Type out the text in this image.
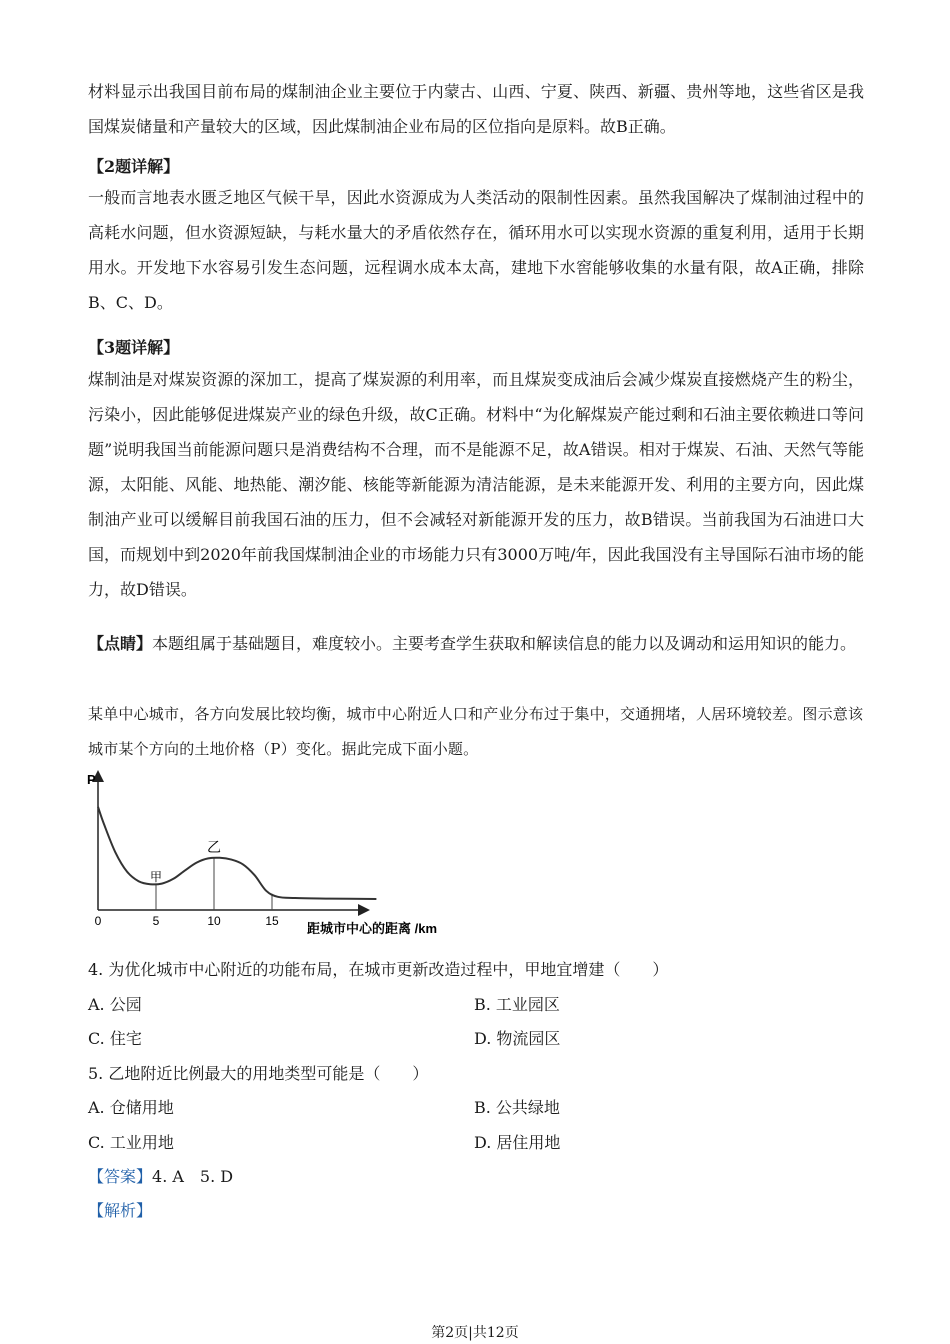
材料显示出我国目前布局的煤制油企业主要位于内蒙古、山西、宁夏、陕西、新疆、贵州等地，这些省区是我国煤炭储量和产量较大的区域，因此煤制油企业布局的区位指向是原料。故B正确。

【2题详解】

一般而言地表水匮乏地区气候干旱，因此水资源成为人类活动的限制性因素。虽然我国解决了煤制油过程中的高耗水问题，但水资源短缺，与耗水量大的矛盾依然存在，循环用水可以实现水资源的重复利用，适用于长期用水。开发地下水容易引发生态问题，远程调水成本太高，建地下水窖能够收集的水量有限，故A正确，排除B、C、D。

【3题详解】

煤制油是对煤炭资源的深加工，提高了煤炭源的利用率，而且煤炭变成油后会减少煤炭直接燃烧产生的粉尘，污染小，因此能够促进煤炭产业的绿色升级，故C正确。材料中“为化解煤炭产能过剩和石油主要依赖进口等问题”说明我国当前能源问题只是消费结构不合理，而不是能源不足，故A错误。相对于煤炭、石油、天然气等能源，太阳能、风能、地热能、潮汐能、核能等新能源为清洁能源，是未来能源开发、利用的主要方向，因此煤制油产业可以缓解目前我国石油的压力，但不会减轻对新能源开发的压力，故B错误。当前我国为石油进口大国，而规划中到2020年前我国煤制油企业的市场能力只有3000万吨/年，因此我国没有主导国际石油市场的能力，故D错误。

【点睛】本题组属于基础题目，难度较小。主要考查学生获取和解读信息的能力以及调动和运用知识的能力。

某单中心城市，各方向发展比较均衡，城市中心附近人口和产业分布过于集中，交通拥堵，人居环境较差。图示意该城市某个方向的土地价格（P）变化。据此完成下面小题。

P
0	5	10	15
甲
乙
距城市中心的距离 /km
4. 为优化城市中心附近的功能布局，在城市更新改造过程中，甲地宜增建（　　）
A. 公园	B. 工业园区
C. 住宅	D. 物流园区
5. 乙地附近比例最大的用地类型可能是（　　）
A. 仓储用地	B. 公共绿地
C. 工业用地	D. 居住用地
【答案】4. A　5. D
【解析】
第2页|共12页
